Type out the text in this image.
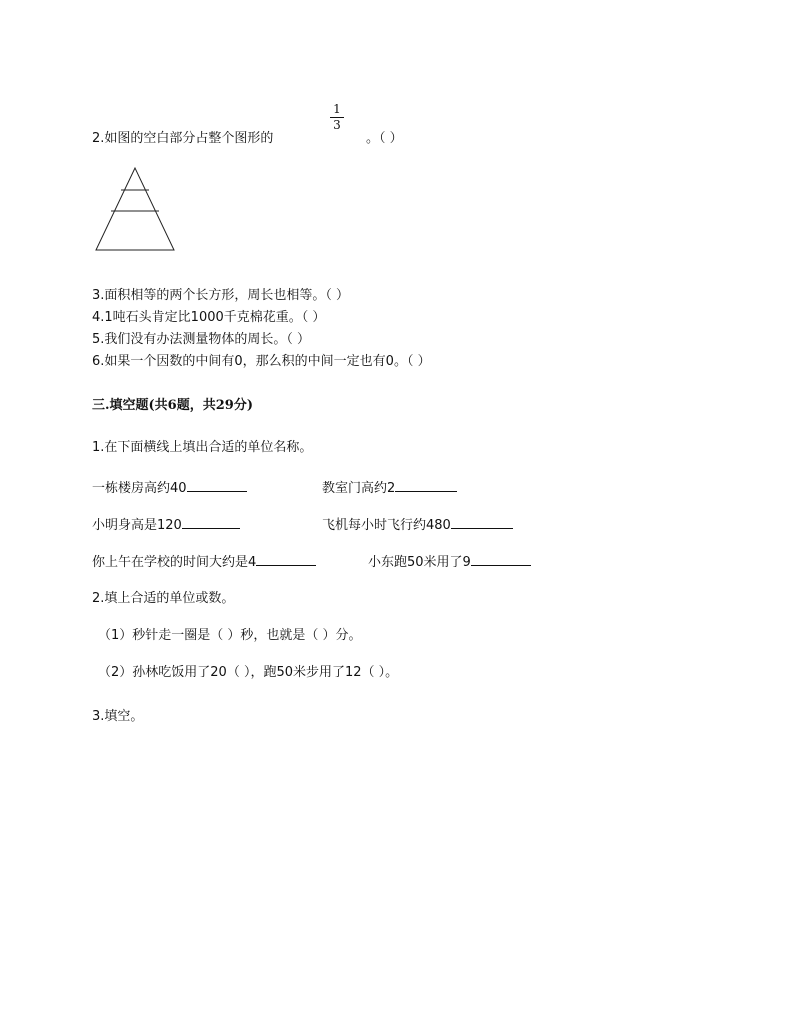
2.如图的空白部分占整个图形的
1
3
。（ ）
3.面积相等的两个长方形，周长也相等。（ ）
4.1吨石头肯定比1000千克棉花重。（ ）
5.我们没有办法测量物体的周长。（ ）
6.如果一个因数的中间有0，那么积的中间一定也有0。（ ）
三.填空题(共6题，共29分)
1.在下面横线上填出合适的单位名称。
一栋楼房高约40	教室门高约2
小明身高是120	飞机每小时飞行约480
你上午在学校的时间大约是4	小东跑50米用了9
2.填上合适的单位或数。
（1）秒针走一圈是（ ）秒，也就是（ ）分。
（2）孙林吃饭用了20（ ），跑50米步用了12（ ）。
3.填空。
